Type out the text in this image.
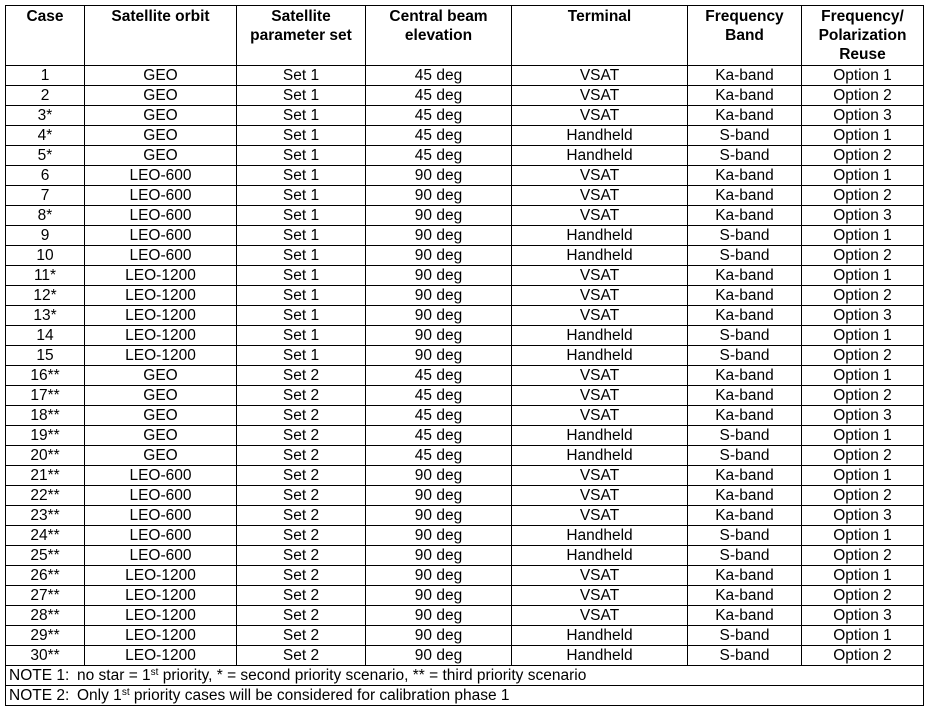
Case	Satellite orbit	Satellite parameter set	Central beam elevation	Terminal	Frequency Band	Frequency/ Polarization Reuse
1	GEO	Set 1	45 deg	VSAT	Ka-band	Option 1
2	GEO	Set 1	45 deg	VSAT	Ka-band	Option 2
3*	GEO	Set 1	45 deg	VSAT	Ka-band	Option 3
4*	GEO	Set 1	45 deg	Handheld	S-band	Option 1
5*	GEO	Set 1	45 deg	Handheld	S-band	Option 2
6	LEO-600	Set 1	90 deg	VSAT	Ka-band	Option 1
7	LEO-600	Set 1	90 deg	VSAT	Ka-band	Option 2
8*	LEO-600	Set 1	90 deg	VSAT	Ka-band	Option 3
9	LEO-600	Set 1	90 deg	Handheld	S-band	Option 1
10	LEO-600	Set 1	90 deg	Handheld	S-band	Option 2
11*	LEO-1200	Set 1	90 deg	VSAT	Ka-band	Option 1
12*	LEO-1200	Set 1	90 deg	VSAT	Ka-band	Option 2
13*	LEO-1200	Set 1	90 deg	VSAT	Ka-band	Option 3
14	LEO-1200	Set 1	90 deg	Handheld	S-band	Option 1
15	LEO-1200	Set 1	90 deg	Handheld	S-band	Option 2
16**	GEO	Set 2	45 deg	VSAT	Ka-band	Option 1
17**	GEO	Set 2	45 deg	VSAT	Ka-band	Option 2
18**	GEO	Set 2	45 deg	VSAT	Ka-band	Option 3
19**	GEO	Set 2	45 deg	Handheld	S-band	Option 1
20**	GEO	Set 2	45 deg	Handheld	S-band	Option 2
21**	LEO-600	Set 2	90 deg	VSAT	Ka-band	Option 1
22**	LEO-600	Set 2	90 deg	VSAT	Ka-band	Option 2
23**	LEO-600	Set 2	90 deg	VSAT	Ka-band	Option 3
24**	LEO-600	Set 2	90 deg	Handheld	S-band	Option 1
25**	LEO-600	Set 2	90 deg	Handheld	S-band	Option 2
26**	LEO-1200	Set 2	90 deg	VSAT	Ka-band	Option 1
27**	LEO-1200	Set 2	90 deg	VSAT	Ka-band	Option 2
28**	LEO-1200	Set 2	90 deg	VSAT	Ka-band	Option 3
29**	LEO-1200	Set 2	90 deg	Handheld	S-band	Option 1
30**	LEO-1200	Set 2	90 deg	Handheld	S-band	Option 2
NOTE 1: no star = 1st priority, * = second priority scenario, ** = third priority scenario						
NOTE 2: Only 1st priority cases will be considered for calibration phase 1						
